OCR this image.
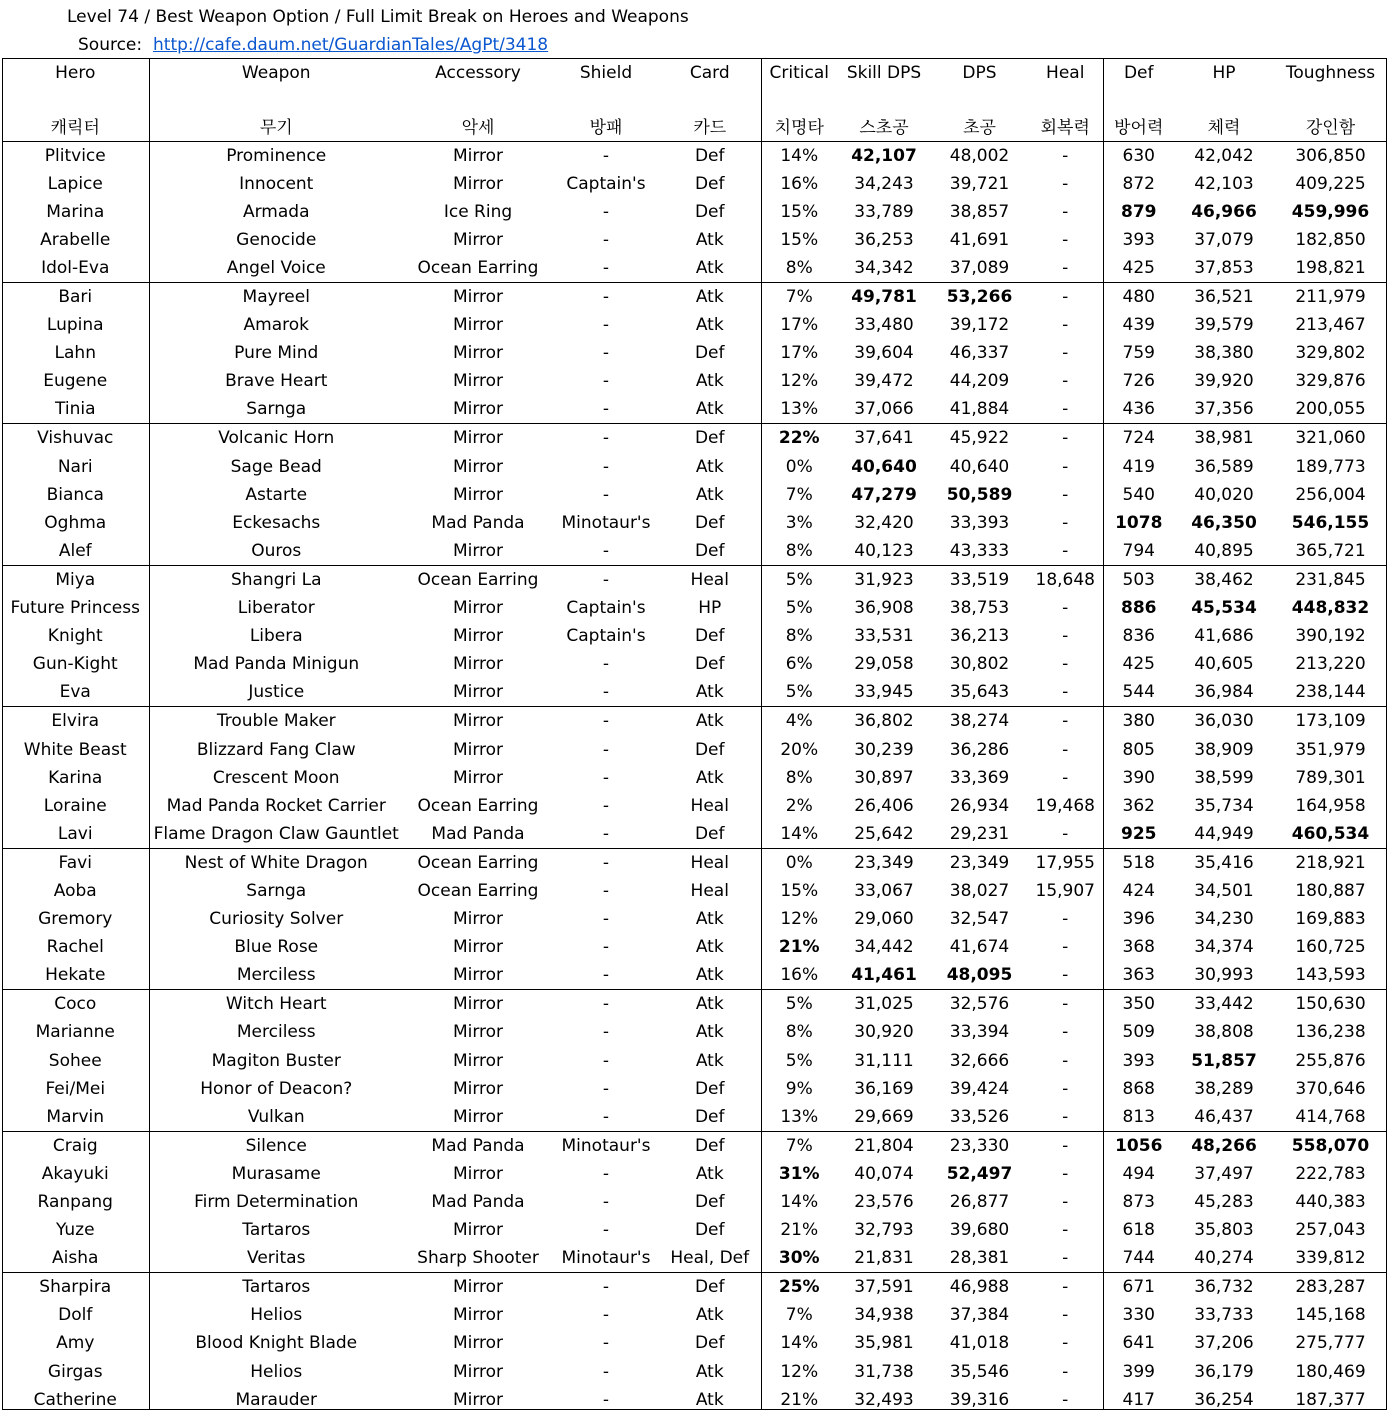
Level 74 / Best Weapon Option / Full Limit Break on Heroes and Weapons
Source: http://cafe.daum.net/GuardianTales/AgPt/3418
Hero	Weapon	Accessory	Shield	Card	Critical	Skill DPS	DPS	Heal	Def	HP	Toughness
캐릭터	무기	악세	방패	카드	치명타	스초공	초공	회복력	방어력	체력	강인함
Plitvice	Prominence	Mirror	-	Def	14%	42,107	48,002	-	630	42,042	306,850
Lapice	Innocent	Mirror	Captain's	Def	16%	34,243	39,721	-	872	42,103	409,225
Marina	Armada	Ice Ring	-	Def	15%	33,789	38,857	-	879	46,966	459,996
Arabelle	Genocide	Mirror	-	Atk	15%	36,253	41,691	-	393	37,079	182,850
Idol-Eva	Angel Voice	Ocean Earring	-	Atk	8%	34,342	37,089	-	425	37,853	198,821
Bari	Mayreel	Mirror	-	Atk	7%	49,781	53,266	-	480	36,521	211,979
Lupina	Amarok	Mirror	-	Atk	17%	33,480	39,172	-	439	39,579	213,467
Lahn	Pure Mind	Mirror	-	Def	17%	39,604	46,337	-	759	38,380	329,802
Eugene	Brave Heart	Mirror	-	Atk	12%	39,472	44,209	-	726	39,920	329,876
Tinia	Sarnga	Mirror	-	Atk	13%	37,066	41,884	-	436	37,356	200,055
Vishuvac	Volcanic Horn	Mirror	-	Def	22%	37,641	45,922	-	724	38,981	321,060
Nari	Sage Bead	Mirror	-	Atk	0%	40,640	40,640	-	419	36,589	189,773
Bianca	Astarte	Mirror	-	Atk	7%	47,279	50,589	-	540	40,020	256,004
Oghma	Eckesachs	Mad Panda	Minotaur's	Def	3%	32,420	33,393	-	1078	46,350	546,155
Alef	Ouros	Mirror	-	Def	8%	40,123	43,333	-	794	40,895	365,721
Miya	Shangri La	Ocean Earring	-	Heal	5%	31,923	33,519	18,648	503	38,462	231,845
Future Princess	Liberator	Mirror	Captain's	HP	5%	36,908	38,753	-	886	45,534	448,832
Knight	Libera	Mirror	Captain's	Def	8%	33,531	36,213	-	836	41,686	390,192
Gun-Kight	Mad Panda Minigun	Mirror	-	Def	6%	29,058	30,802	-	425	40,605	213,220
Eva	Justice	Mirror	-	Atk	5%	33,945	35,643	-	544	36,984	238,144
Elvira	Trouble Maker	Mirror	-	Atk	4%	36,802	38,274	-	380	36,030	173,109
White Beast	Blizzard Fang Claw	Mirror	-	Def	20%	30,239	36,286	-	805	38,909	351,979
Karina	Crescent Moon	Mirror	-	Atk	8%	30,897	33,369	-	390	38,599	789,301
Loraine	Mad Panda Rocket Carrier	Ocean Earring	-	Heal	2%	26,406	26,934	19,468	362	35,734	164,958
Lavi	Flame Dragon Claw Gauntlet	Mad Panda	-	Def	14%	25,642	29,231	-	925	44,949	460,534
Favi	Nest of White Dragon	Ocean Earring	-	Heal	0%	23,349	23,349	17,955	518	35,416	218,921
Aoba	Sarnga	Ocean Earring	-	Heal	15%	33,067	38,027	15,907	424	34,501	180,887
Gremory	Curiosity Solver	Mirror	-	Atk	12%	29,060	32,547	-	396	34,230	169,883
Rachel	Blue Rose	Mirror	-	Atk	21%	34,442	41,674	-	368	34,374	160,725
Hekate	Merciless	Mirror	-	Atk	16%	41,461	48,095	-	363	30,993	143,593
Coco	Witch Heart	Mirror	-	Atk	5%	31,025	32,576	-	350	33,442	150,630
Marianne	Merciless	Mirror	-	Atk	8%	30,920	33,394	-	509	38,808	136,238
Sohee	Magiton Buster	Mirror	-	Atk	5%	31,111	32,666	-	393	51,857	255,876
Fei/Mei	Honor of Deacon?	Mirror	-	Def	9%	36,169	39,424	-	868	38,289	370,646
Marvin	Vulkan	Mirror	-	Def	13%	29,669	33,526	-	813	46,437	414,768
Craig	Silence	Mad Panda	Minotaur's	Def	7%	21,804	23,330	-	1056	48,266	558,070
Akayuki	Murasame	Mirror	-	Atk	31%	40,074	52,497	-	494	37,497	222,783
Ranpang	Firm Determination	Mad Panda	-	Def	14%	23,576	26,877	-	873	45,283	440,383
Yuze	Tartaros	Mirror	-	Def	21%	32,793	39,680	-	618	35,803	257,043
Aisha	Veritas	Sharp Shooter	Minotaur's	Heal, Def	30%	21,831	28,381	-	744	40,274	339,812
Sharpira	Tartaros	Mirror	-	Def	25%	37,591	46,988	-	671	36,732	283,287
Dolf	Helios	Mirror	-	Atk	7%	34,938	37,384	-	330	33,733	145,168
Amy	Blood Knight Blade	Mirror	-	Def	14%	35,981	41,018	-	641	37,206	275,777
Girgas	Helios	Mirror	-	Atk	12%	31,738	35,546	-	399	36,179	180,469
Catherine	Marauder	Mirror	-	Atk	21%	32,493	39,316	-	417	36,254	187,377
